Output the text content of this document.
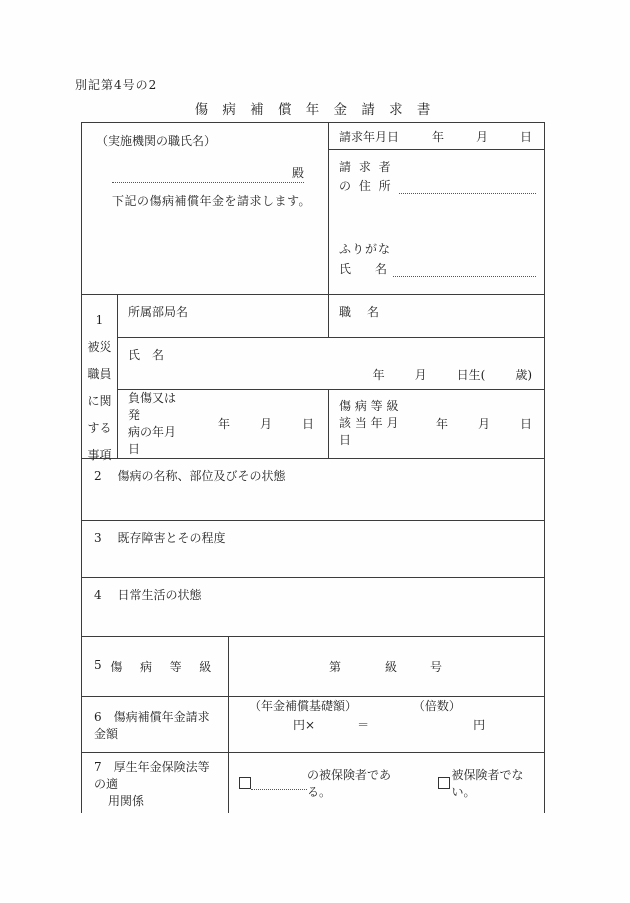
別記第4号の2
傷 病 補 償 年 金 請 求 書
（実施機関の職氏名）
殿
下記の傷病補償年金を請求します。
請求年月日	年	月	日
請 求 者
の 住 所
ふりがな
氏　　名
1
被災
職員
に関
する
事項
所属部局名	職　名
氏　名
年	月	日生(	歳)
負傷又は発
病の年月日
年	月	日
傷 病 等 級
該 当 年 月 日
年	月	日
2 傷病の名称、部位及びその状態
3 既存障害とその程度
4 日常生活の状態
5 傷	病	等	級	第	級	号
6 傷病補償年金請求金額
（年金補償基礎額）	（倍数）
円×	＝	円
7 厚生年金保険法等の適
用関係
の被保険者である。
被保険者でない。
